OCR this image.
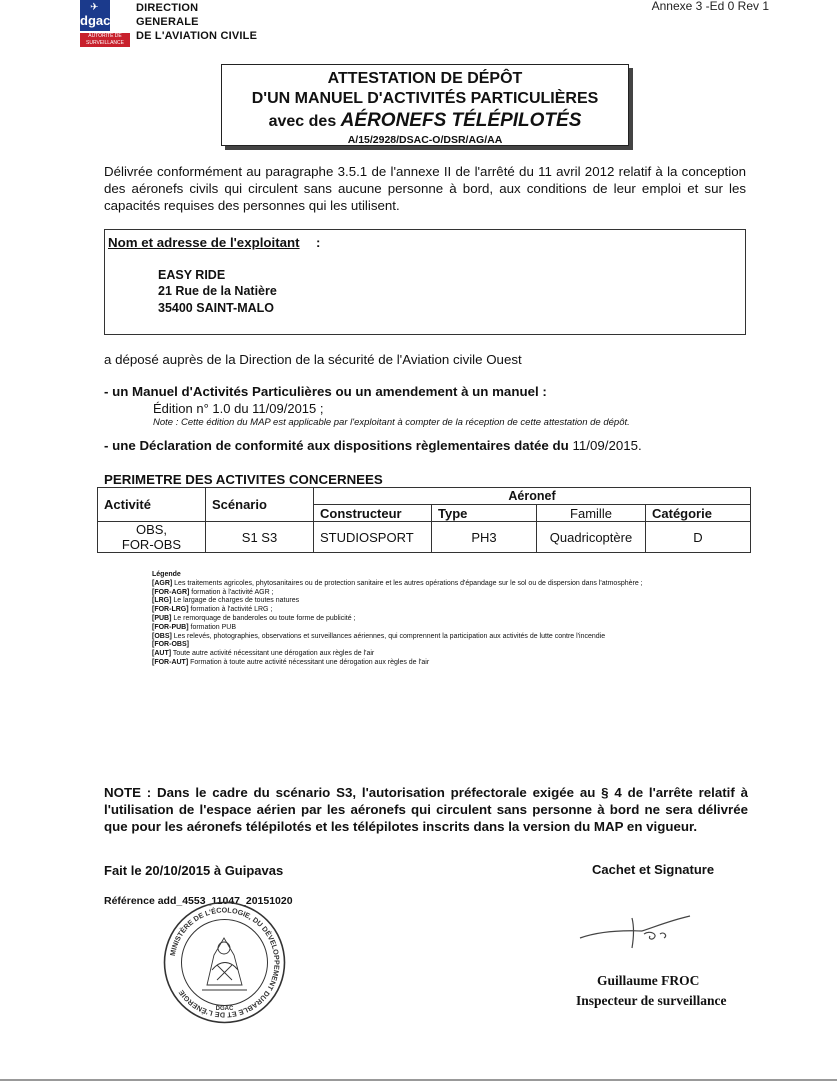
dgac
✈
AUTORITÉ DE SURVEILLANCE
DIRECTION
GENERALE
DE L'AVIATION CIVILE
Annexe 3 -Ed 0 Rev 1
ATTESTATION DE DÉPÔT
D'UN MANUEL D'ACTIVITÉS PARTICULIÈRES
avec des AÉRONEFS TÉLÉPILOTÉS
A/15/2928/DSAC-O/DSR/AG/AA
Délivrée conformément au paragraphe 3.5.1 de l'annexe II de l'arrêté du 11 avril 2012 relatif à la conception des aéronefs civils qui circulent sans aucune personne à bord, aux conditions de leur emploi et sur les capacités requises des personnes qui les utilisent.
Nom et adresse de l'exploitant :
EASY RIDE
21 Rue de la Natière
35400 SAINT-MALO
a déposé auprès de la Direction de la sécurité de l'Aviation civile Ouest
- un Manuel d'Activités Particulières ou un amendement à un manuel :
Édition n° 1.0 du 11/09/2015 ;
Note : Cette édition du MAP est applicable par l'exploitant à compter de la réception de cette attestation de dépôt.
- une Déclaration de conformité aux dispositions règlementaires datée du 11/09/2015.
PERIMETRE DES ACTIVITES CONCERNEES
Activité	Scénario	Aéronef			
		Constructeur	Type	Famille	Catégorie

OBS,
FOR-OBS	S1 S3	STUDIOSPORT	PH3	Quadricoptère	D
Légende
[AGR] Les traitements agricoles, phytosanitaires ou de protection sanitaire et les autres opérations d'épandage sur le sol ou de dispersion dans l'atmosphère ;
[FOR-AGR] formation à l'activité AGR ;
[LRG] Le largage de charges de toutes natures
[FOR-LRG] formation à l'activité LRG ;
[PUB] Le remorquage de banderoles ou toute forme de publicité ;
[FOR-PUB] formation PUB
[OBS] Les relevés, photographies, observations et surveillances aériennes, qui comprennent la participation aux activités de lutte contre l'incendie
[FOR-OBS]
[AUT] Toute autre activité nécessitant une dérogation aux règles de l'air
[FOR-AUT] Formation à toute autre activité nécessitant une dérogation aux règles de l'air
NOTE : Dans le cadre du scénario S3, l'autorisation préfectorale exigée au § 4 de l'arrête relatif à l'utilisation de l'espace aérien par les aéronefs qui circulent sans personne à bord ne sera délivrée que pour les aéronefs télépilotés et les télépilotes inscrits dans la version du MAP en vigueur.
Fait le 20/10/2015 à Guipavas	Cachet et Signature
Référence add_4553_11047_20151020
MINISTÈRE DE L'ÉCOLOGIE, DU DÉVELOPPEMENT DURABLE ET DE L'ÉNERGIE
DGAC
Guillaume FROC
Inspecteur de surveillance
